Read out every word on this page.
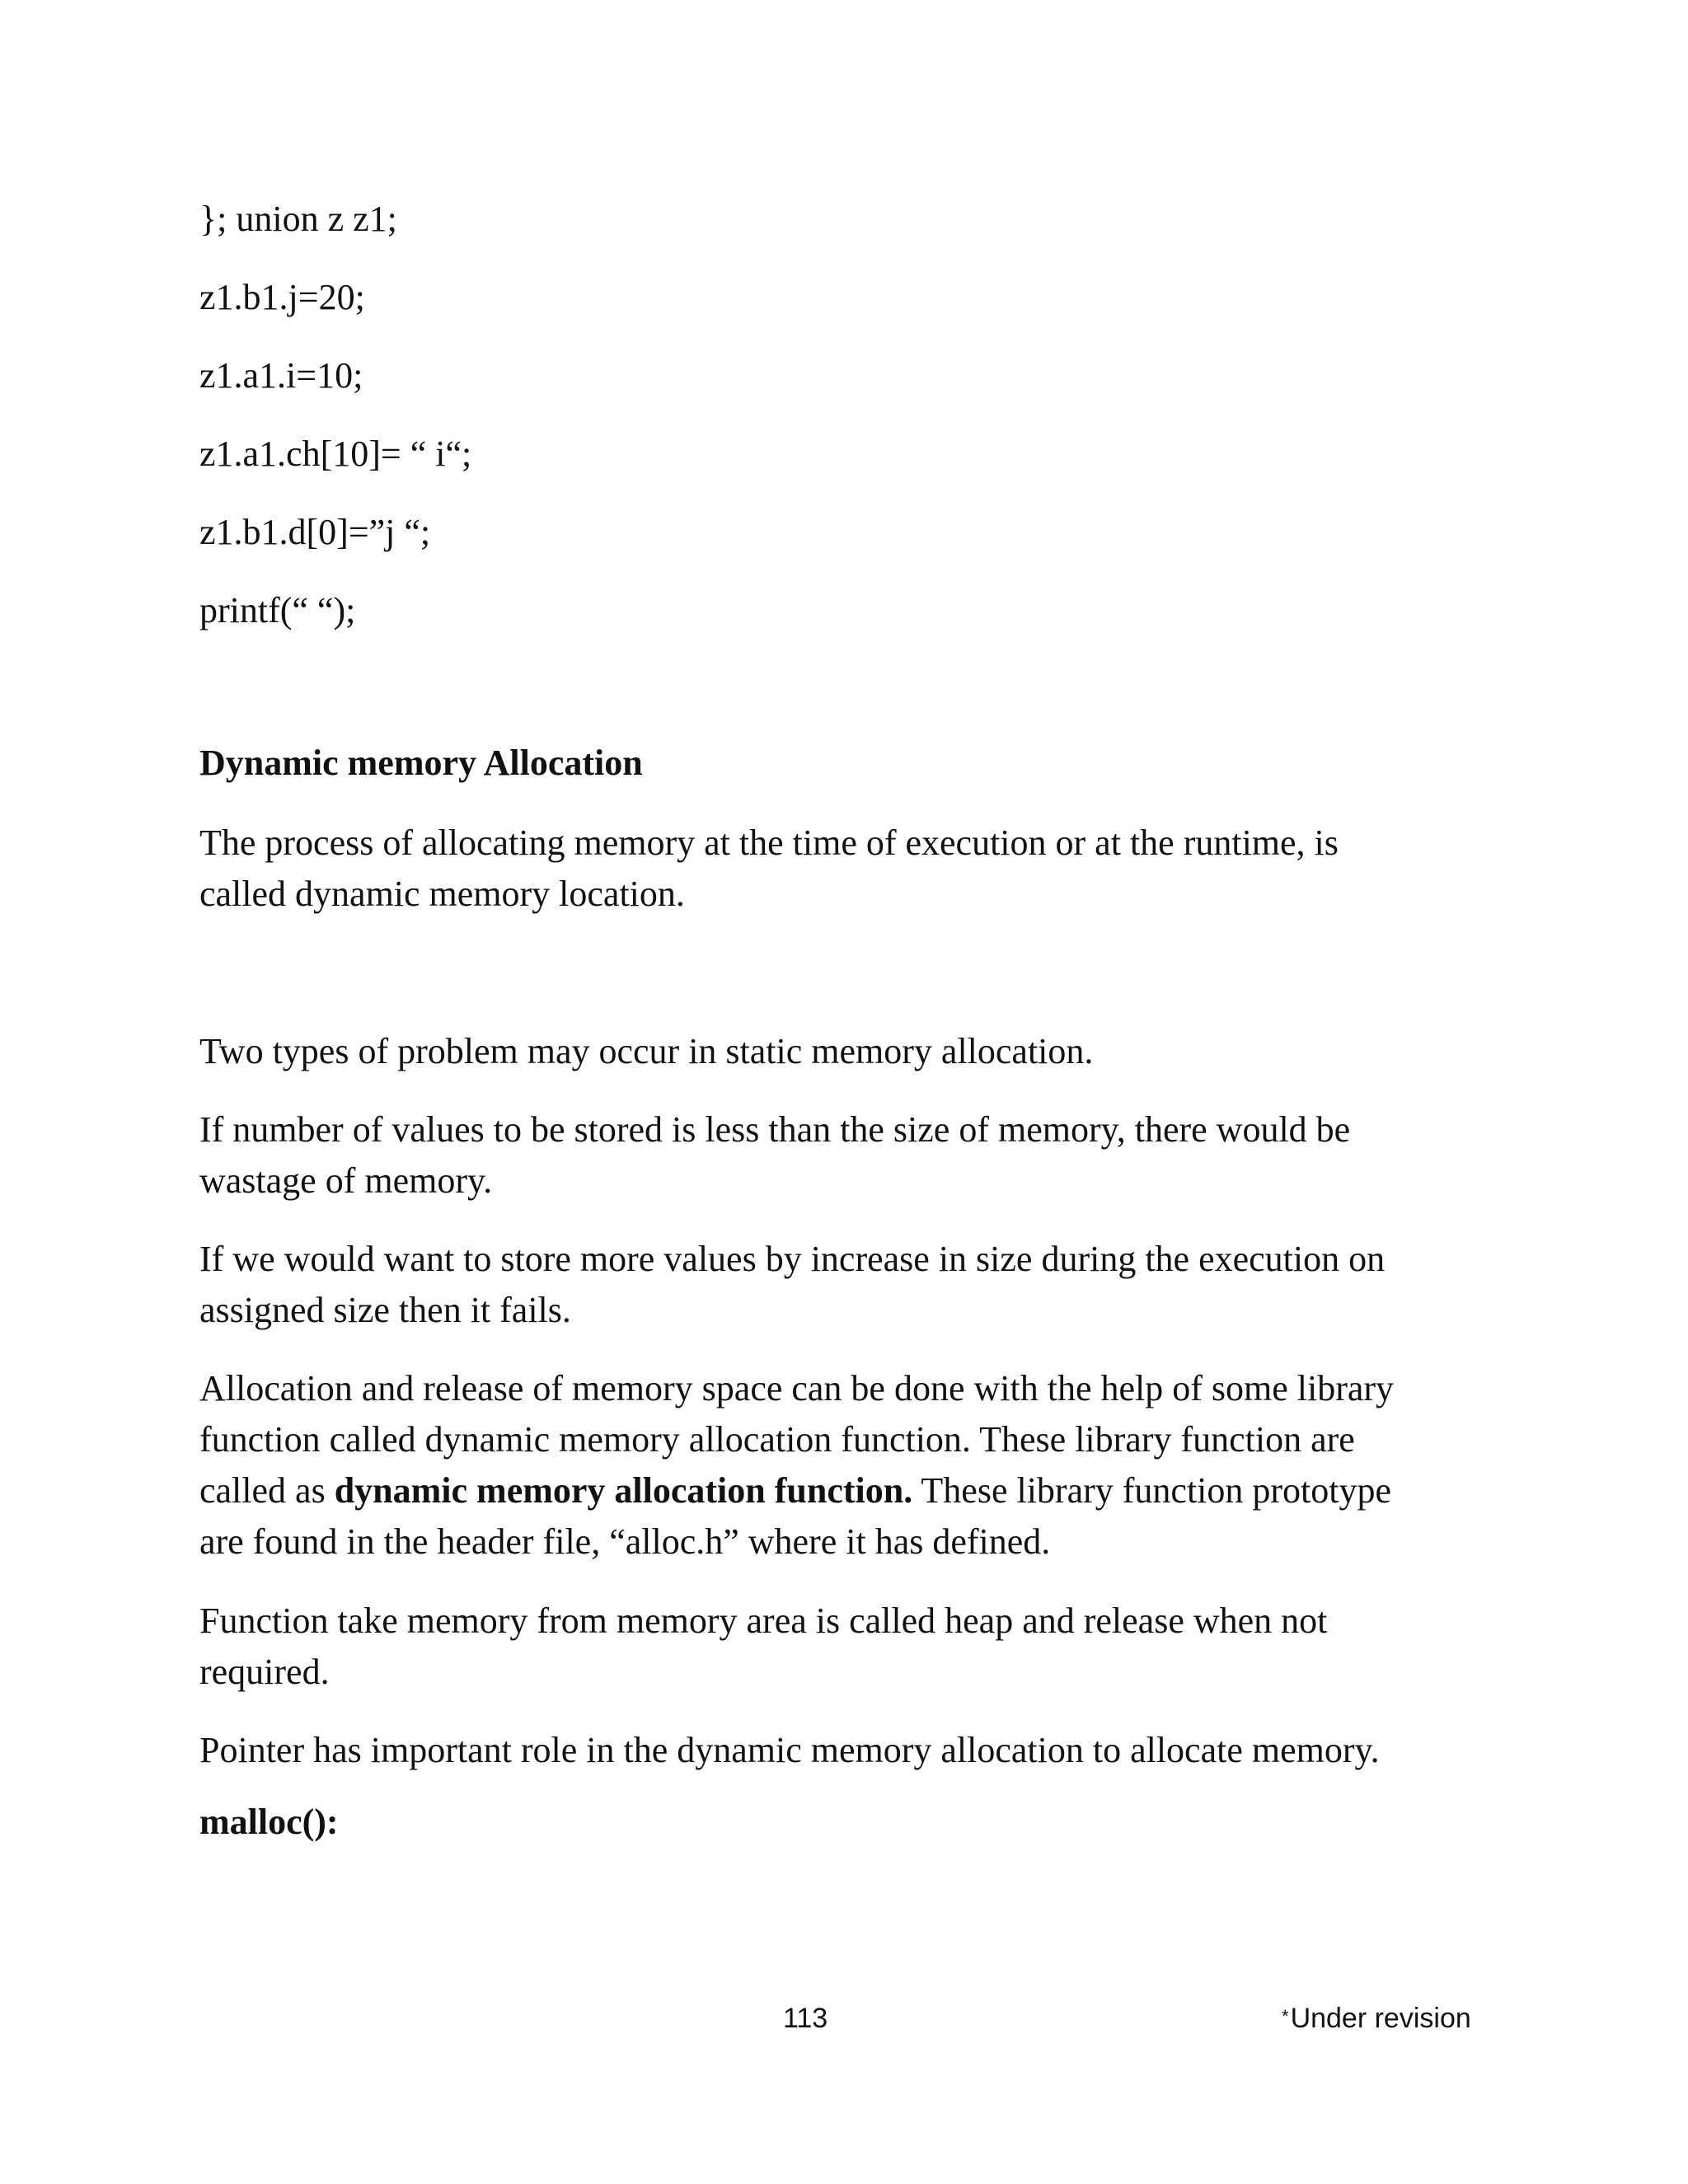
}; union z z1;
z1.b1.j=20;
z1.a1.i=10;
z1.a1.ch[10]= “ i“;
z1.b1.d[0]=”j “;
printf(“ “);
Dynamic memory Allocation
The process of allocating memory at the time of execution or at the runtime, is
called dynamic memory location.
Two types of problem may occur in static memory allocation.
If number of values to be stored is less than the size of memory, there would be
wastage of memory.
If we would want to store more values by increase in size during the execution on
assigned size then it fails.
Allocation and release of memory space can be done with the help of some library
function called dynamic memory allocation function. These library function are
called as dynamic memory allocation function. These library function prototype
are found in the header file, “alloc.h” where it has defined.
Function take memory from memory area is called heap and release when not
required.
Pointer has important role in the dynamic memory allocation to allocate memory.
malloc():
113	*Under revision
